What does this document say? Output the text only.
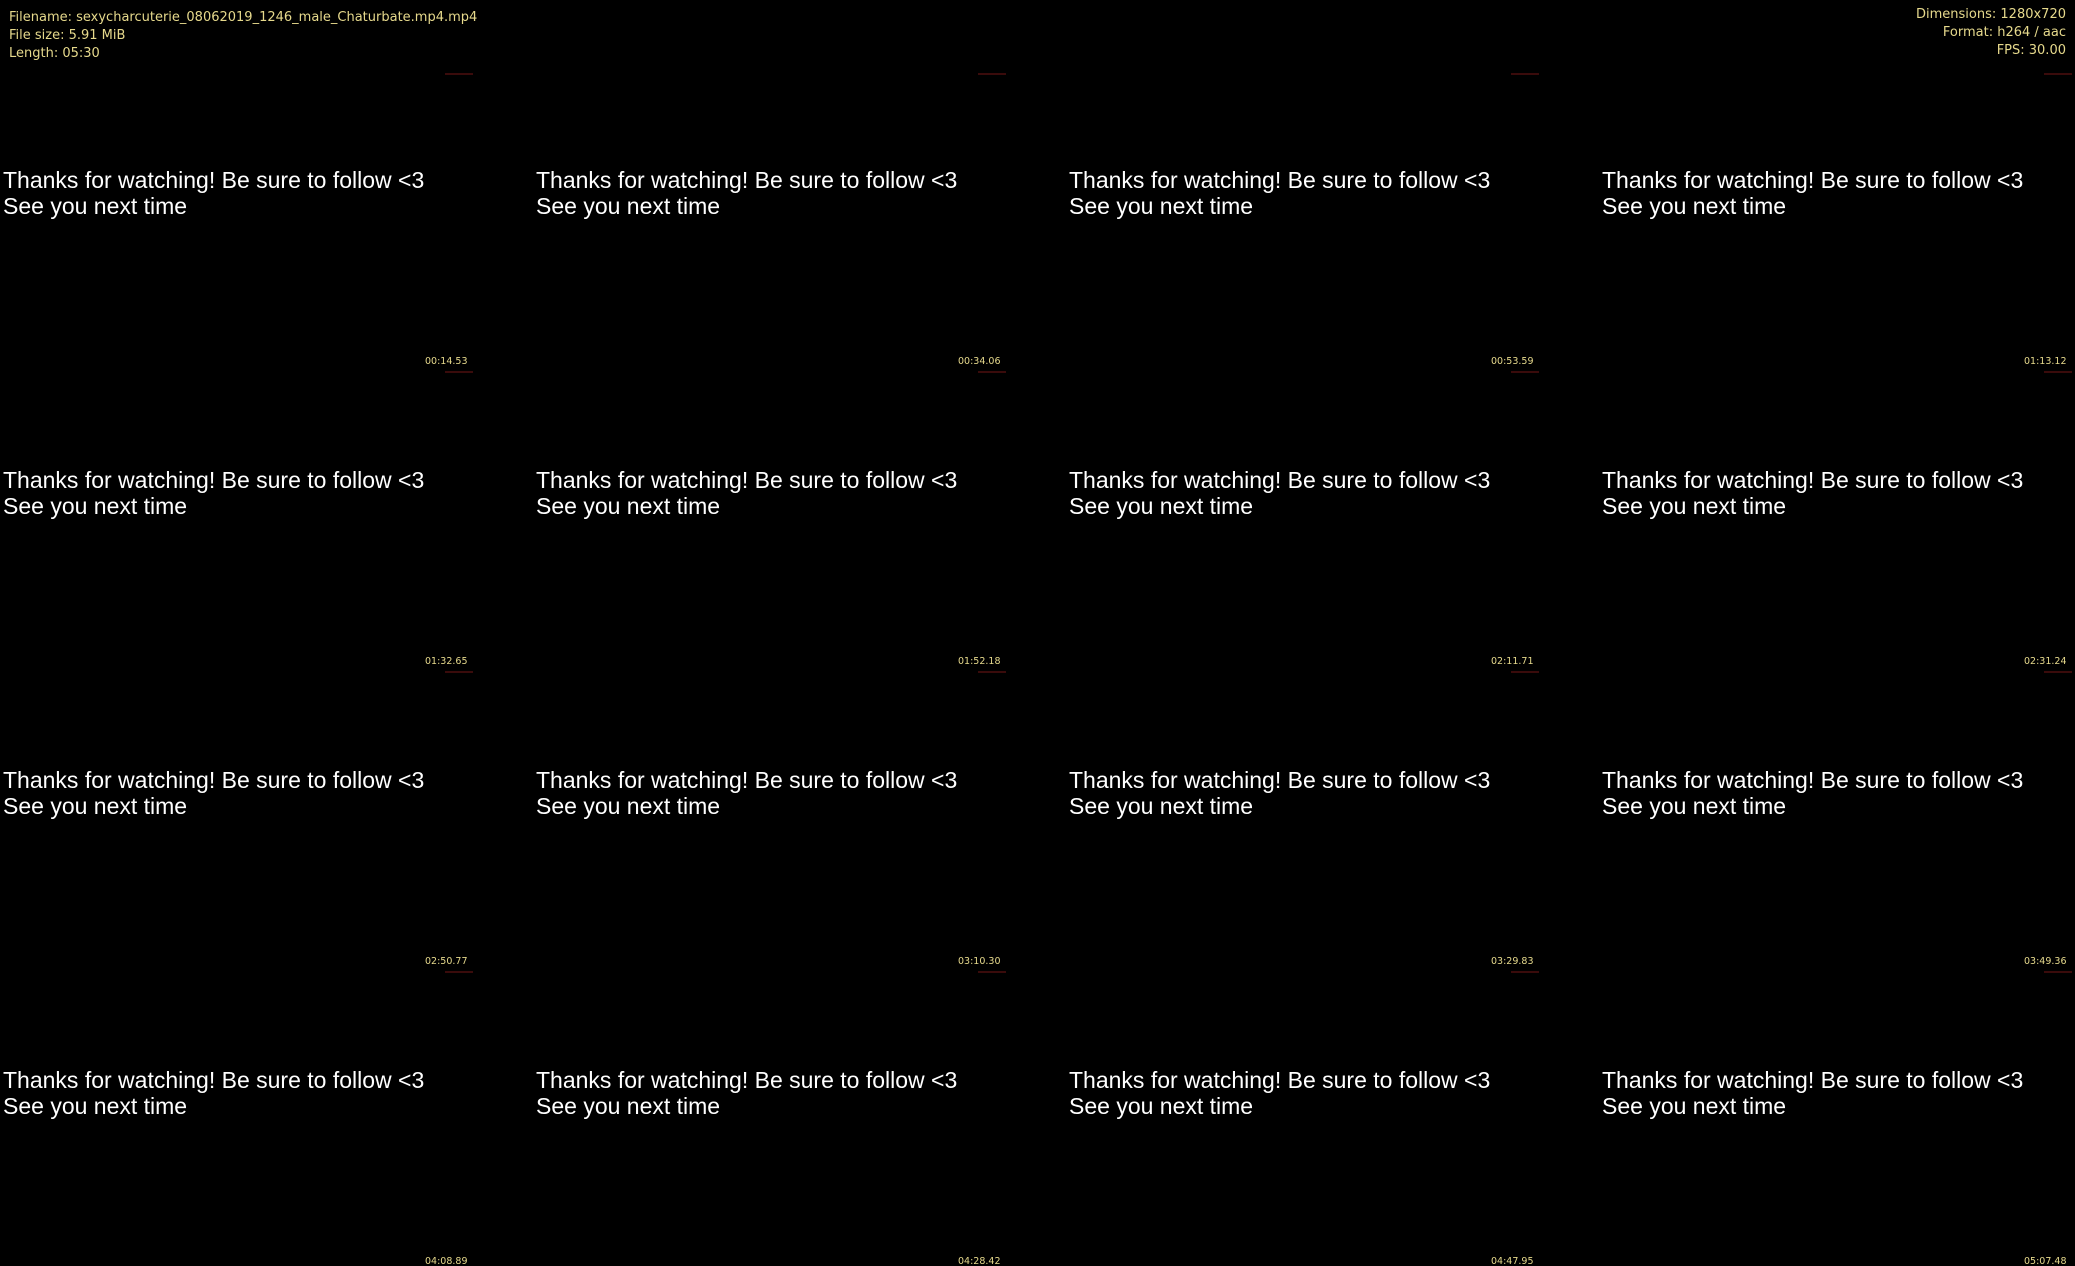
Thanks for watching! Be sure to follow <3
See you next time
00:14.53
Thanks for watching! Be sure to follow <3
See you next time
00:34.06
Thanks for watching! Be sure to follow <3
See you next time
00:53.59
Thanks for watching! Be sure to follow <3
See you next time
01:13.12
Thanks for watching! Be sure to follow <3
See you next time
01:32.65
Thanks for watching! Be sure to follow <3
See you next time
01:52.18
Thanks for watching! Be sure to follow <3
See you next time
02:11.71
Thanks for watching! Be sure to follow <3
See you next time
02:31.24
Thanks for watching! Be sure to follow <3
See you next time
02:50.77
Thanks for watching! Be sure to follow <3
See you next time
03:10.30
Thanks for watching! Be sure to follow <3
See you next time
03:29.83
Thanks for watching! Be sure to follow <3
See you next time
03:49.36
Thanks for watching! Be sure to follow <3
See you next time
04:08.89
Thanks for watching! Be sure to follow <3
See you next time
04:28.42
Thanks for watching! Be sure to follow <3
See you next time
04:47.95
Thanks for watching! Be sure to follow <3
See you next time
05:07.48
Filename: sexycharcuterie_08062019_1246_male_Chaturbate.mp4.mp4
File size: 5.91 MiB
Length: 05:30
Dimensions: 1280x720
Format: h264 / aac
FPS: 30.00
